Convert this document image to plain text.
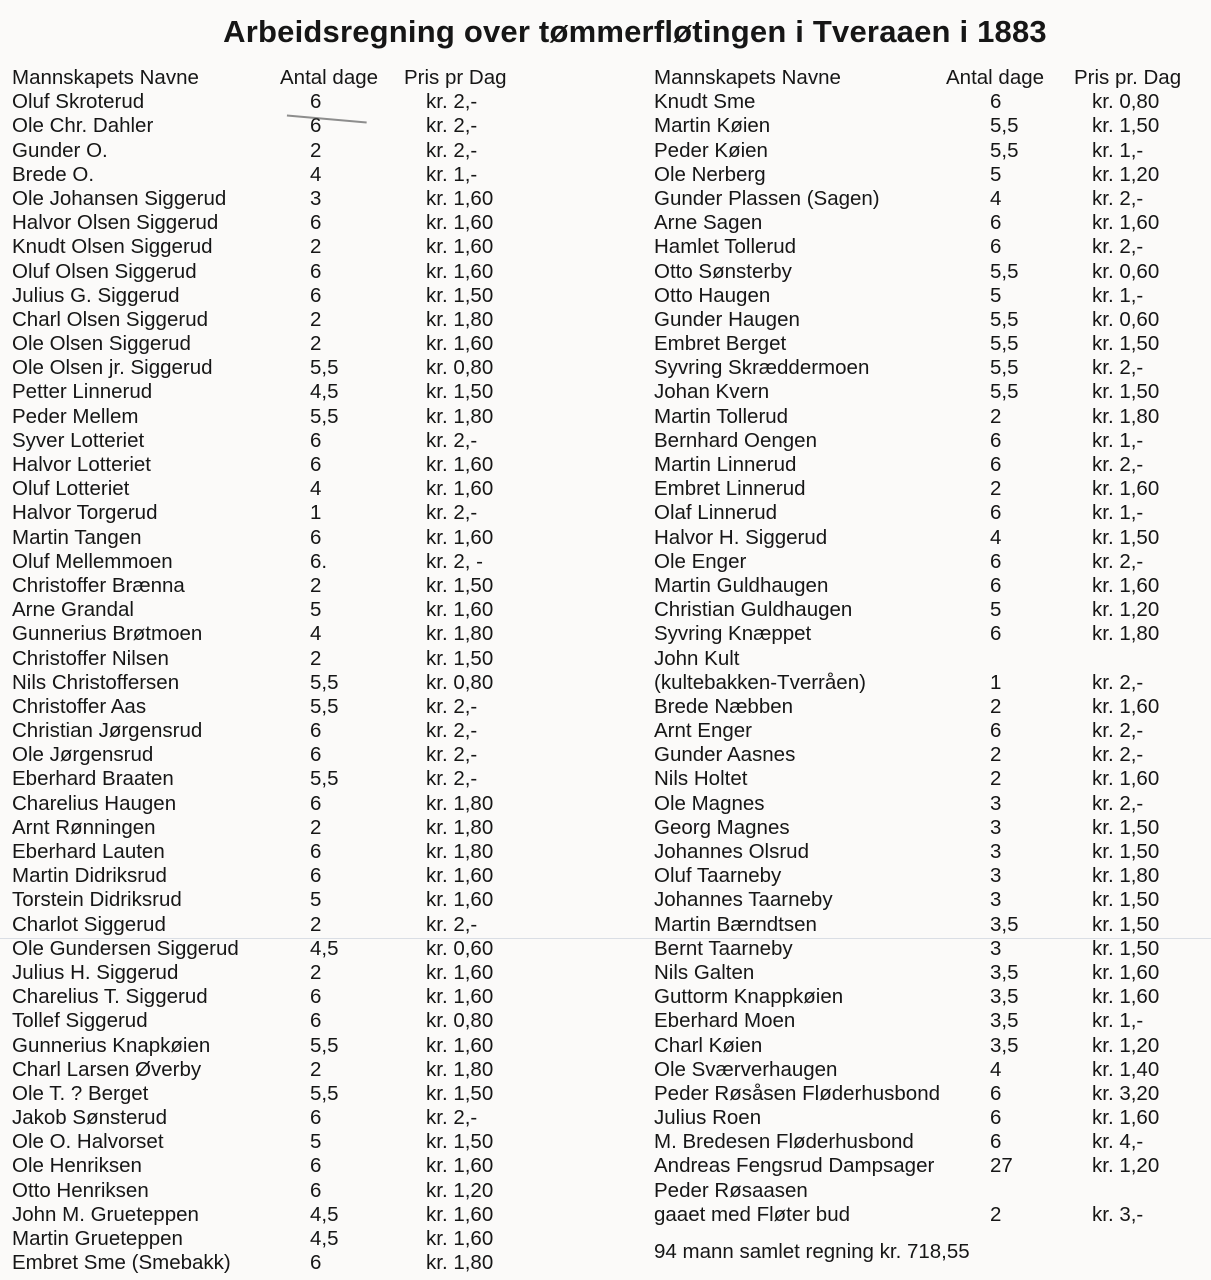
Arbeidsregning over tømmerfløtingen i Tveraaen i 1883
Mannskapets Navne	Antal dage Pris pr Dag
Oluf Skroterud	6	kr. 2,-
Ole Chr. Dahler	6	kr. 2,-
Gunder O.	2	kr. 2,-
Brede O.	4	kr. 1,-
Ole Johansen Siggerud	3	kr. 1,60
Halvor Olsen Siggerud	6	kr. 1,60
Knudt Olsen Siggerud	2	kr. 1,60
Oluf Olsen Siggerud	6	kr. 1,60
Julius G. Siggerud	6	kr. 1,50
Charl Olsen Siggerud	2	kr. 1,80
Ole Olsen Siggerud	2	kr. 1,60
Ole Olsen jr. Siggerud	5,5	kr. 0,80
Petter Linnerud	4,5	kr. 1,50
Peder Mellem	5,5	kr. 1,80
Syver Lotteriet	6	kr. 2,-
Halvor Lotteriet	6	kr. 1,60
Oluf Lotteriet	4	kr. 1,60
Halvor Torgerud	1	kr. 2,-
Martin Tangen	6	kr. 1,60
Oluf Mellemmoen	6.	kr. 2, -
Christoffer Brænna	2	kr. 1,50
Arne Grandal	5	kr. 1,60
Gunnerius Brøtmoen	4	kr. 1,80
Christoffer Nilsen	2	kr. 1,50
Nils Christoffersen	5,5	kr. 0,80
Christoffer Aas	5,5	kr. 2,-
Christian Jørgensrud	6	kr. 2,-
Ole Jørgensrud	6	kr. 2,-
Eberhard Braaten	5,5	kr. 2,-
Charelius Haugen	6	kr. 1,80
Arnt Rønningen	2	kr. 1,80
Eberhard Lauten	6	kr. 1,80
Martin Didriksrud	6	kr. 1,60
Torstein Didriksrud	5	kr. 1,60
Charlot Siggerud	2	kr. 2,-
Ole Gundersen Siggerud	4,5	kr. 0,60
Julius H. Siggerud	2	kr. 1,60
Charelius T. Siggerud	6	kr. 1,60
Tollef Siggerud	6	kr. 0,80
Gunnerius Knapkøien	5,5	kr. 1,60
Charl Larsen Øverby	2	kr. 1,80
Ole T. ? Berget	5,5	kr. 1,50
Jakob Sønsterud	6	kr. 2,-
Ole O. Halvorset	5	kr. 1,50
Ole Henriksen	6	kr. 1,60
Otto Henriksen	6	kr. 1,20
John M. Grueteppen	4,5	kr. 1,60
Martin Grueteppen	4,5	kr. 1,60
Embret Sme (Smebakk)	6	kr. 1,80
Mannskapets Navne	Antal dage Pris pr. Dag
Knudt Sme	6	kr. 0,80
Martin Køien	5,5	kr. 1,50
Peder Køien	5,5	kr. 1,-
Ole Nerberg	5	kr. 1,20
Gunder Plassen (Sagen)	4	kr. 2,-
Arne Sagen	6	kr. 1,60
Hamlet Tollerud	6	kr. 2,-
Otto Sønsterby	5,5	kr. 0,60
Otto Haugen	5	kr. 1,-
Gunder Haugen	5,5	kr. 0,60
Embret Berget	5,5	kr. 1,50
Syvring Skræddermoen	5,5	kr. 2,-
Johan Kvern	5,5	kr. 1,50
Martin Tollerud	2	kr. 1,80
Bernhard Oengen	6	kr. 1,-
Martin Linnerud	6	kr. 2,-
Embret Linnerud	2	kr. 1,60
Olaf Linnerud	6	kr. 1,-
Halvor H. Siggerud	4	kr. 1,50
Ole Enger	6	kr. 2,-
Martin Guldhaugen	6	kr. 1,60
Christian Guldhaugen	5	kr. 1,20
Syvring Knæppet	6	kr. 1,80
John Kult
(kultebakken-Tverråen)	1	kr. 2,-
Brede Næbben	2	kr. 1,60
Arnt Enger	6	kr. 2,-
Gunder Aasnes	2	kr. 2,-
Nils Holtet	2	kr. 1,60
Ole Magnes	3	kr. 2,-
Georg Magnes	3	kr. 1,50
Johannes Olsrud	3	kr. 1,50
Oluf Taarneby	3	kr. 1,80
Johannes Taarneby	3	kr. 1,50
Martin Bærndtsen	3,5	kr. 1,50
Bernt Taarneby	3	kr. 1,50
Nils Galten	3,5	kr. 1,60
Guttorm Knappkøien	3,5	kr. 1,60
Eberhard Moen	3,5	kr. 1,-
Charl Køien	3,5	kr. 1,20
Ole Sværverhaugen	4	kr. 1,40
Peder Røsåsen Fløderhusbond 6	kr. 3,20
Julius Roen	6	kr. 1,60
M. Bredesen Fløderhusbond	6	kr. 4,-
Andreas Fengsrud Dampsager	27	kr. 1,20
Peder Røsaasen
gaaet med Fløter bud	2	kr. 3,-
94 mann samlet regning kr. 718,55
